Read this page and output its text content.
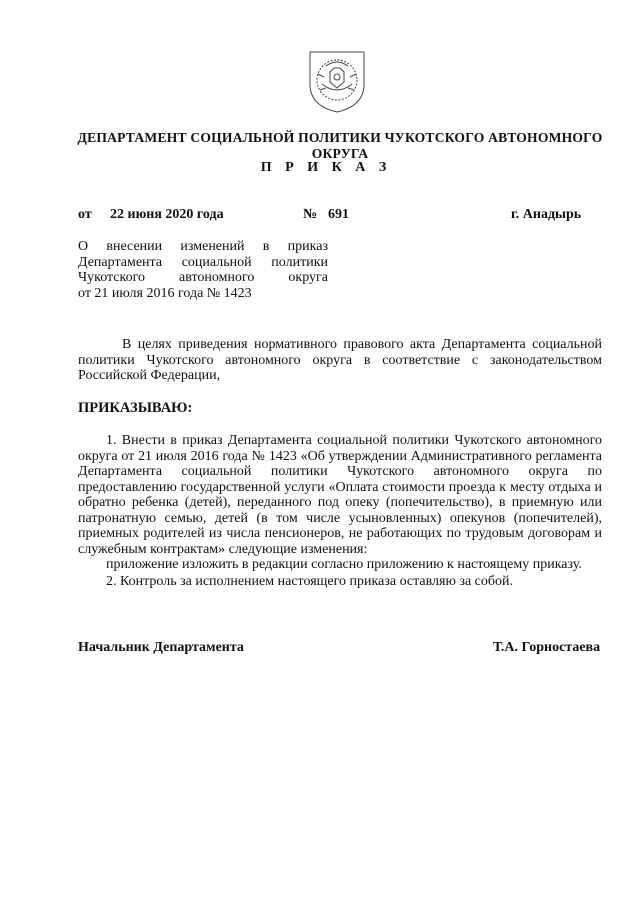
ДЕПАРТАМЕНТ СОЦИАЛЬНОЙ ПОЛИТИКИ ЧУКОТСКОГО АВТОНОМНОГО ОКРУГА
П Р И К А З
от 22 июня 2020 года	№ 691	г. Анадырь
О внесении изменений в приказ
Департамента социальной политики
Чукотского автономного округа
от 21 июля 2016 года № 1423
В целях приведения нормативного правового акта Департамента социальной политики Чукотского автономного округа в соответствие с законодательством Российской Федерации,
ПРИКАЗЫВАЮ:
1. Внести в приказ Департамента социальной политики Чукотского автономного округа от 21 июля 2016 года № 1423 «Об утверждении Административного регламента Департамента социальной политики Чукотского автономного округа по предоставлению государственной услуги «Оплата стоимости проезда к месту отдыха и обратно ребенка (детей), переданного под опеку (попечительство), в приемную или патронатную семью, детей (в том числе усыновленных) опекунов (попечителей), приемных родителей из числа пенсионеров, не работающих по трудовым договорам и служебным контрактам» следующие изменения:
приложение изложить в редакции согласно приложению к настоящему приказу.
2. Контроль за исполнением настоящего приказа оставляю за собой.
Начальник Департамента	Т.А. Горностаева
